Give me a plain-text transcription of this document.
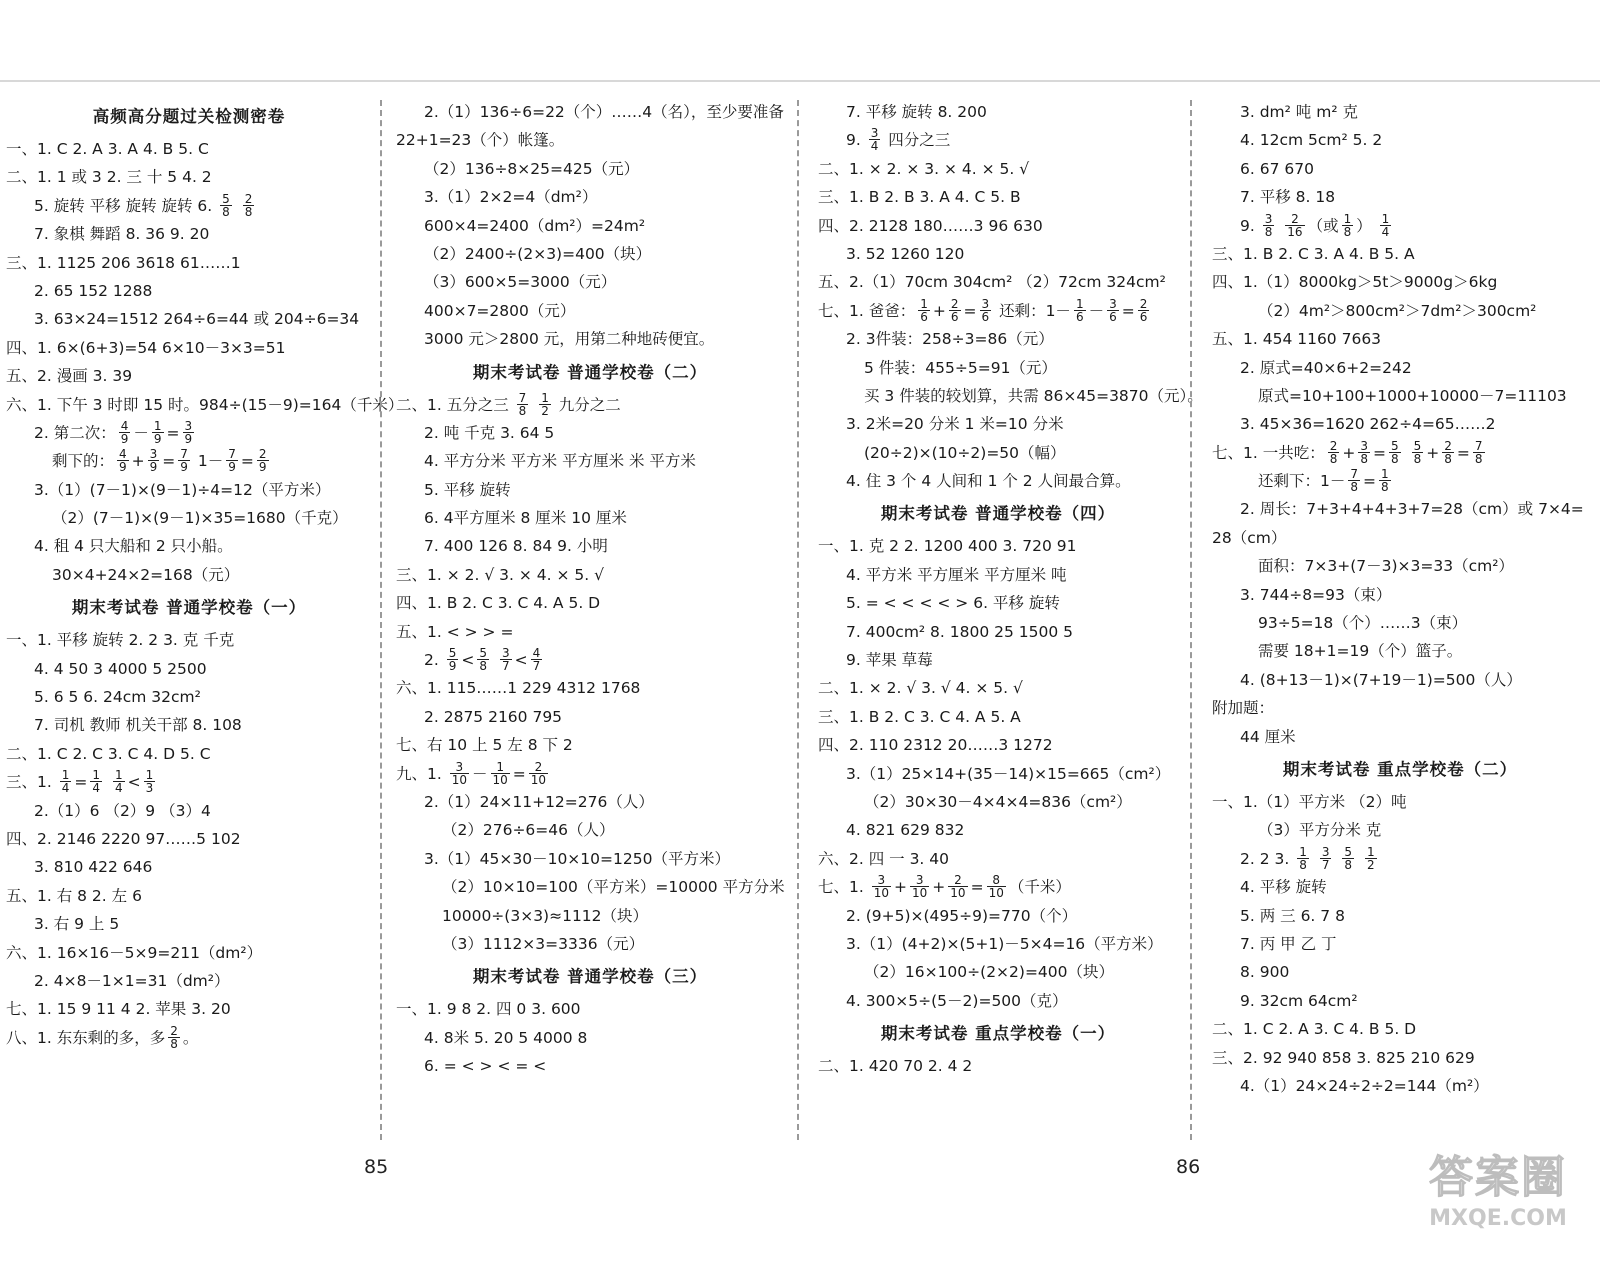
高频高分题过关检测密卷
一、1. C 2. A 3. A 4. B 5. C
二、1. 1 或 3 2. 三 十 5 4. 2
5. 旋转 平移 旋转 旋转 6. $\frac{5}{8}$
$\frac{2}{8}$
7. 象棋 舞蹈 8. 36 9. 20
三、1. 1125 206 3618 61……1
2. 65 152 1288
3. 63×24=1512 264÷6=44 或 204÷6=34
四、1. 6×(6+3)=54 6×10－3×3=51
五、2. 漫画 3. 39
六、1. 下午 3 时即 15 时。984÷(15－9)=164（千米）
2. 第二次： $\frac{4}{9} - \frac{1}{9} = \frac{3}{9}$
剩下的： $\frac{4}{9} + \frac{3}{9} = \frac{7}{9} 1- \frac{7}{9} = \frac{2}{9}$
3.（1）(7－1)×(9－1)÷4=12（平方米）
（2）(7－1)×(9－1)×35=1680（千克）
4. 租 4 只大船和 2 只小船。
30×4+24×2=168（元）
期末考试卷 普通学校卷（一）
一、1. 平移 旋转 2. 2 3. 克 千克
4. 4 50 3 4000 5 2500
5. 6 5 6. 24cm 32cm²
7. 司机 教师 机关干部 8. 108
二、1. C 2. C 3. C 4. D 5. C
三、1. $\frac{1}{4} = \frac{1}{4}$
$\frac{1}{4} < \frac{1}{3}$
2.（1）6 （2）9 （3）4
四、2. 2146 2220 97……5 102
3. 810 422 646
五、1. 右 8 2. 左 6
3. 右 9 上 5
六、1. 16×16－5×9=211（dm²）
2. 4×8－1×1=31（dm²）
七、1. 15 9 11 4 2. 苹果 3. 20
八、1. 东东剩的多，多 $\frac{2}{8}$ 。
2.（1）136÷6=22（个）……4（名），至少要准备
22+1=23（个）帐篷。
（2）136÷8×25=425（元）
3.（1）2×2=4（dm²）
600×4=2400（dm²）=24m²
（2）2400÷(2×3)=400（块）
（3）600×5=3000（元）
400×7=2800（元）
3000 元＞2800 元，用第二种地砖便宜。
期末考试卷 普通学校卷（二）
二、1. 五分之三 $\frac{7}{8}$
$\frac{1}{2}$ 九分之二
2. 吨 千克 3. 64 5
4. 平方分米 平方米 平方厘米 米 平方米
5. 平移 旋转
6. 4平方厘米 8 厘米 10 厘米
7. 400 126 8. 84 9. 小明
三、1. × 2. √ 3. × 4. × 5. √
四、1. B 2. C 3. C 4. A 5. D
五、1. < > > =
2. $\frac{5}{9} < \frac{5}{8}$
$\frac{3}{7} < \frac{4}{7}$
六、1. 115……1 229 4312 1768
2. 2875 2160 795
七、右 10 上 5 左 8 下 2
九、1. $\frac{3}{10} - \frac{1}{10} = \frac{2}{10}$
2.（1）24×11+12=276（人）
（2）276÷6=46（人）
3.（1）45×30－10×10=1250（平方米）
（2）10×10=100（平方米）=10000 平方分米
10000÷(3×3)≈1112（块）
（3）1112×3=3336（元）
期末考试卷 普通学校卷（三）
一、1. 9 8 2. 四 0 3. 600
4. 8米 5. 20 5 4000 8
6. = < > < = <
7. 平移 旋转 8. 200
9. $\frac{3}{4}$ 四分之三
二、1. × 2. × 3. × 4. × 5. √
三、1. B 2. B 3. A 4. C 5. B
四、2. 2128 180……3 96 630
3. 52 1260 120
五、2.（1）70cm 304cm² （2）72cm 324cm²
七、1. 爸爸： $\frac{1}{6} + \frac{2}{6} = \frac{3}{6}$ 还剩：$1- \frac{1}{6} - \frac{3}{6} = \frac{2}{6}$
2. 3件装：258÷3=86（元）
5 件装：455÷5=91（元）
买 3 件装的较划算，共需 86×45=3870（元）。
3. 2米=20 分米 1 米=10 分米
(20÷2)×(10÷2)=50（幅）
4. 住 3 个 4 人间和 1 个 2 人间最合算。
期末考试卷 普通学校卷（四）
一、1. 克 2 2. 1200 400 3. 720 91
4. 平方米 平方厘米 平方厘米 吨
5. = < < < < > 6. 平移 旋转
7. 400cm² 8. 1800 25 1500 5
9. 苹果 草莓
二、1. × 2. √ 3. √ 4. × 5. √
三、1. B 2. C 3. C 4. A 5. A
四、2. 110 2312 20……3 1272
3.（1）25×14+(35－14)×15=665（cm²）
（2）30×30－4×4×4=836（cm²）
4. 821 629 832
六、2. 四 一 3. 40
七、1. $\frac{3}{10} + \frac{3}{10} + \frac{2}{10} = \frac{8}{10}$ （千米）
2. (9+5)×(495÷9)=770（个）
3.（1）(4+2)×(5+1)－5×4=16（平方米）
（2）16×100÷(2×2)=400（块）
4. 300×5÷(5－2)=500（克）
期末考试卷 重点学校卷（一）
二、1. 420 70 2. 4 2
3. dm² 吨 m² 克
4. 12cm 5cm² 5. 2
6. 67 670
7. 平移 8. 18
9. $\frac{3}{8}$
$\frac{2}{16}$ （或 $\frac{1}{8}$ ） $\frac{1}{4}$
三、1. B 2. C 3. A 4. B 5. A
四、1.（1）8000kg＞5t＞9000g＞6kg
（2）4m²＞800cm²＞7dm²＞300cm²
五、1. 454 1160 7663
2. 原式=40×6+2=242
原式=10+100+1000+10000－7=11103
3. 45×36=1620 262÷4=65……2
七、1. 一共吃： $\frac{2}{8} + \frac{3}{8} = \frac{5}{8}$
$\frac{5}{8} + \frac{2}{8} = \frac{7}{8}$
还剩下：$1- \frac{7}{8} = \frac{1}{8}$
2. 周长：7+3+4+4+3+7=28（cm）或 7×4=
28（cm）
面积：7×3+(7－3)×3=33（cm²）
3. 744÷8=93（束）
93÷5=18（个）……3（束）
需要 18+1=19（个）篮子。
4. (8+13－1)×(7+19－1)=500（人）
附加题：
44 厘米
期末考试卷 重点学校卷（二）
一、1.（1）平方米 （2）吨
（3）平方分米 克
2. 2 3. $\frac{1}{8}$
$\frac{3}{7}$
$\frac{5}{8}$
$\frac{1}{2}$
4. 平移 旋转
5. 两 三 6. 7 8
7. 丙 甲 乙 丁
8. 900
9. 32cm 64cm²
二、1. C 2. A 3. C 4. B 5. D
三、2. 92 940 858 3. 825 210 629
4.（1）24×24÷2÷2=144（m²）
85	86	答案圈
MXQE.COM
